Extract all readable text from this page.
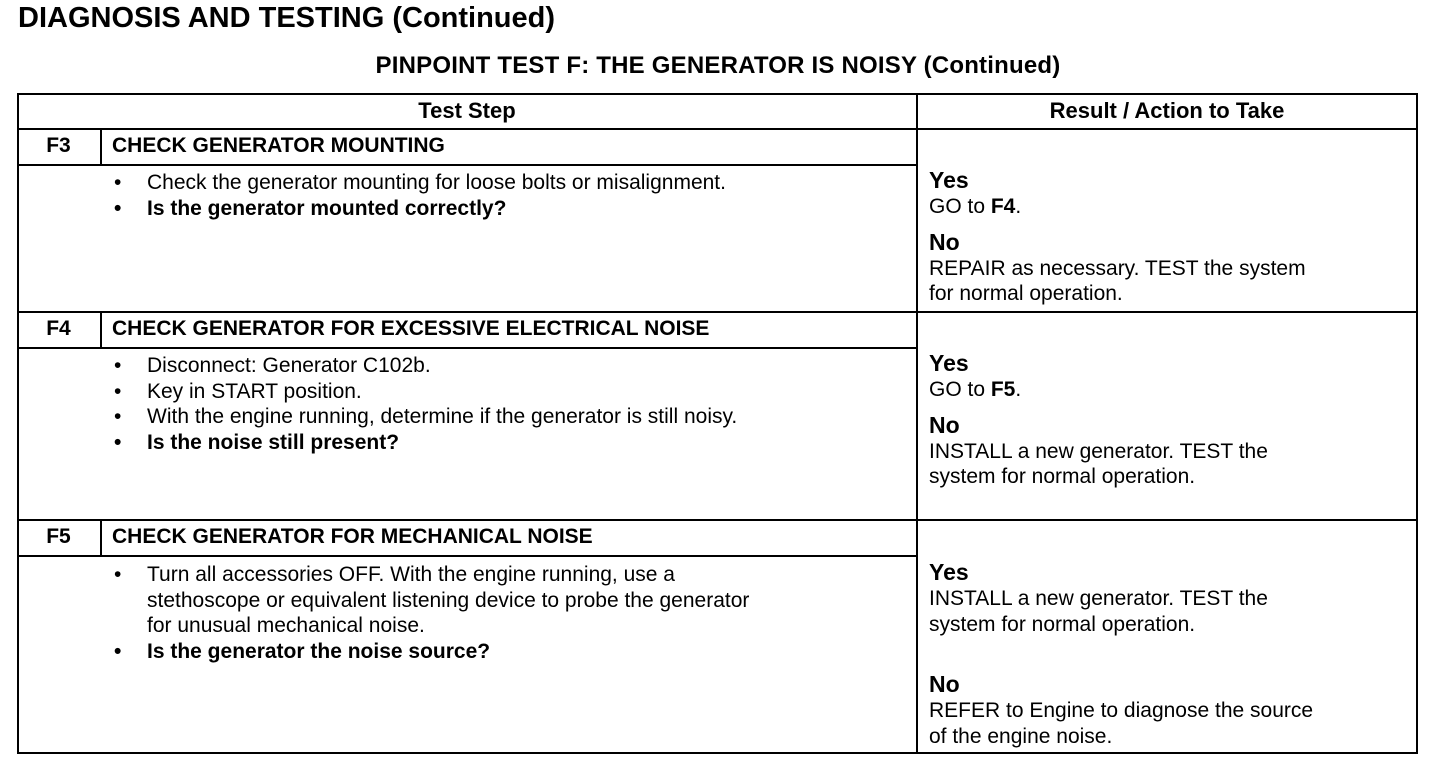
DIAGNOSIS AND TESTING (Continued)
PINPOINT TEST F: THE GENERATOR IS NOISY (Continued)
Test Step	Result / Action to Take
F3	CHECK GENERATOR MOUNTING
• Check the generator mounting for loose bolts or misalignment.
• Is the generator mounted correctly?
Yes
GO to F4.
No
REPAIR as necessary. TEST the system
for normal operation.
F4	CHECK GENERATOR FOR EXCESSIVE ELECTRICAL NOISE
• Disconnect: Generator C102b.
• Key in START position.
• With the engine running, determine if the generator is still noisy.
• Is the noise still present?
Yes
GO to F5.
No
INSTALL a new generator. TEST the
system for normal operation.
F5	CHECK GENERATOR FOR MECHANICAL NOISE
• Turn all accessories OFF. With the engine running, use a
stethoscope or equivalent listening device to probe the generator
for unusual mechanical noise.
• Is the generator the noise source?
Yes
INSTALL a new generator. TEST the
system for normal operation.
No
REFER to Engine to diagnose the source
of the engine noise.
